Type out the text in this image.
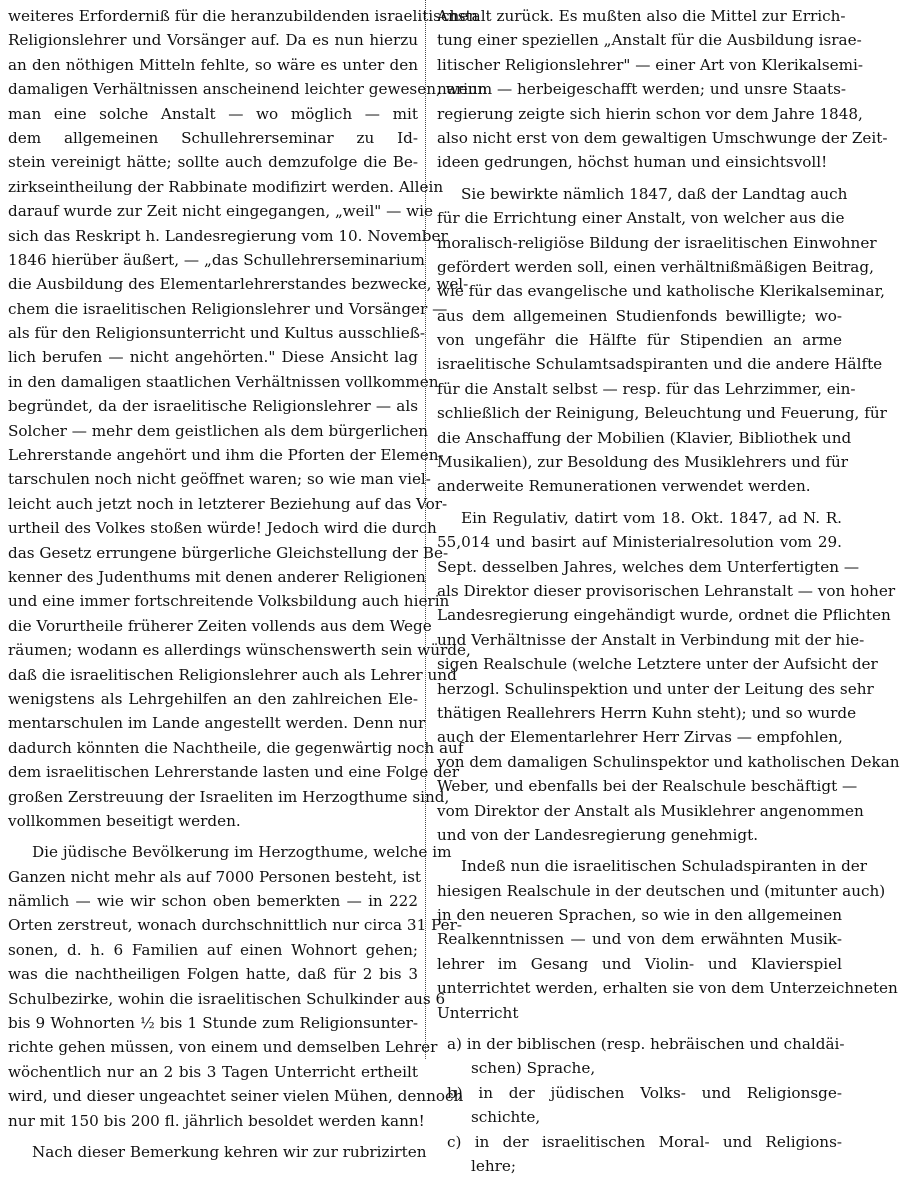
weiteres Erforderniß für die heranzubildenden israelitischen
Religionslehrer und Vorsänger auf. Da es nun hierzu
an den nöthigen Mitteln fehlte, so wäre es unter den
damaligen Verhältnissen anscheinend leichter gewesen, wenn
man eine solche Anstalt — wo möglich — mit
dem allgemeinen Schullehrerseminar zu Id-
stein vereinigt hätte; sollte auch demzufolge die Be-
zirkseintheilung der Rabbinate modifizirt werden. Allein
darauf wurde zur Zeit nicht eingegangen, „weil" — wie
sich das Reskript h. Landesregierung vom 10. November
1846 hierüber äußert, — „das Schullehrerseminarium
die Ausbildung des Elementarlehrerstandes bezwecke, wel-
chem die israelitischen Religionslehrer und Vorsänger —
als für den Religionsunterricht und Kultus ausschließ-
lich berufen — nicht angehörten." Diese Ansicht lag
in den damaligen staatlichen Verhältnissen vollkommen
begründet, da der israelitische Religionslehrer — als
Solcher — mehr dem geistlichen als dem bürgerlichen
Lehrerstande angehört und ihm die Pforten der Elemen-
tarschulen noch nicht geöffnet waren; so wie man viel-
leicht auch jetzt noch in letzterer Beziehung auf das Vor-
urtheil des Volkes stoßen würde! Jedoch wird die durch
das Gesetz errungene bürgerliche Gleichstellung der Be-
kenner des Judenthums mit denen anderer Religionen
und eine immer fortschreitende Volksbildung auch hierin
die Vorurtheile früherer Zeiten vollends aus dem Wege
räumen; wodann es allerdings wünschenswerth sein würde,
daß die israelitischen Religionslehrer auch als Lehrer und
wenigstens als Lehrgehilfen an den zahlreichen Ele-
mentarschulen im Lande angestellt werden. Denn nur
dadurch könnten die Nachtheile, die gegenwärtig noch auf
dem israelitischen Lehrerstande lasten und eine Folge der
großen Zerstreuung der Israeliten im Herzogthume sind,
vollkommen beseitigt werden.
Die jüdische Bevölkerung im Herzogthume, welche im
Ganzen nicht mehr als auf 7000 Personen besteht, ist
nämlich — wie wir schon oben bemerkten — in 222
Orten zerstreut, wonach durchschnittlich nur circa 31 Per-
sonen, d. h. 6 Familien auf einen Wohnort gehen;
was die nachtheiligen Folgen hatte, daß für 2 bis 3
Schulbezirke, wohin die israelitischen Schulkinder aus 6
bis 9 Wohnorten ½ bis 1 Stunde zum Religionsunter-
richte gehen müssen, von einem und demselben Lehrer
wöchentlich nur an 2 bis 3 Tagen Unterricht ertheilt
wird, und dieser ungeachtet seiner vielen Mühen, dennoch
nur mit 150 bis 200 fl. jährlich besoldet werden kann!
Nach dieser Bemerkung kehren wir zur rubrizirten
Anstalt zurück. Es mußten also die Mittel zur Errich-
tung einer speziellen „Anstalt für die Ausbildung israe-
litischer Religionslehrer" — einer Art von Klerikalsemi-
narium — herbeigeschafft werden; und unsre Staats-
regierung zeigte sich hierin schon vor dem Jahre 1848,
also nicht erst von dem gewaltigen Umschwunge der Zeit-
ideen gedrungen, höchst human und einsichtsvoll!
Sie bewirkte nämlich 1847, daß der Landtag auch
für die Errichtung einer Anstalt, von welcher aus die
moralisch-religiöse Bildung der israelitischen Einwohner
gefördert werden soll, einen verhältnißmäßigen Beitrag,
wie für das evangelische und katholische Klerikalseminar,
aus dem allgemeinen Studienfonds bewilligte; wo-
von ungefähr die Hälfte für Stipendien an arme
israelitische Schulamtsadspiranten und die andere Hälfte
für die Anstalt selbst — resp. für das Lehrzimmer, ein-
schließlich der Reinigung, Beleuchtung und Feuerung, für
die Anschaffung der Mobilien (Klavier, Bibliothek und
Musikalien), zur Besoldung des Musiklehrers und für
anderweite Remunerationen verwendet werden.
Ein Regulativ, datirt vom 18. Okt. 1847, ad N. R.
55,014 und basirt auf Ministerialresolution vom 29.
Sept. desselben Jahres, welches dem Unterfertigten —
als Direktor dieser provisorischen Lehranstalt — von hoher
Landesregierung eingehändigt wurde, ordnet die Pflichten
und Verhältnisse der Anstalt in Verbindung mit der hie-
sigen Realschule (welche Letztere unter der Aufsicht der
herzogl. Schulinspektion und unter der Leitung des sehr
thätigen Reallehrers Herrn Kuhn steht); und so wurde
auch der Elementarlehrer Herr Zirvas — empfohlen,
von dem damaligen Schulinspektor und katholischen Dekan
Weber, und ebenfalls bei der Realschule beschäftigt —
vom Direktor der Anstalt als Musiklehrer angenommen
und von der Landesregierung genehmigt.
Indeß nun die israelitischen Schuladspiranten in der
hiesigen Realschule in der deutschen und (mitunter auch)
in den neueren Sprachen, so wie in den allgemeinen
Realkenntnissen — und von dem erwähnten Musik-
lehrer im Gesang und Violin- und Klavierspiel
unterrichtet werden, erhalten sie von dem Unterzeichneten
Unterricht
a) in der biblischen (resp. hebräischen und chaldäi-
schen) Sprache,
b) in der jüdischen Volks- und Religionsge-
schichte,
c) in der israelitischen Moral- und Religions-
lehre;
